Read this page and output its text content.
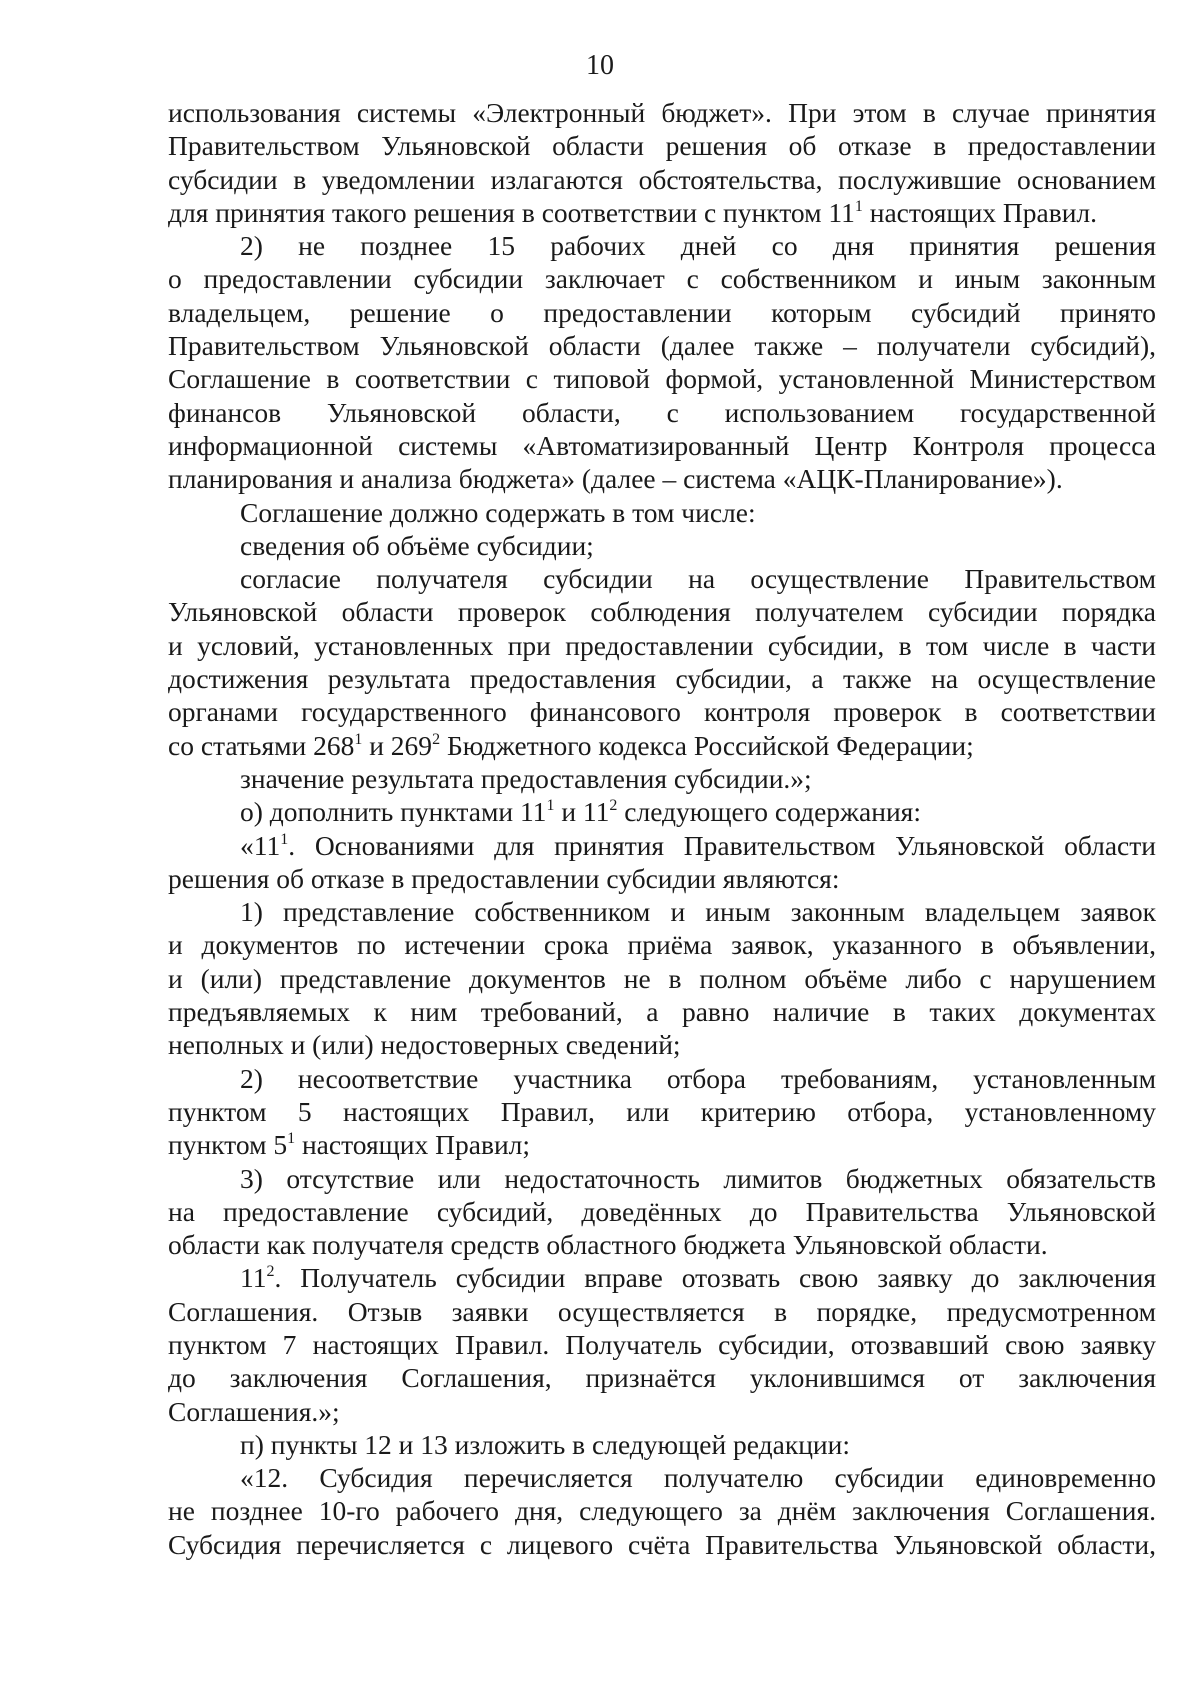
10
использования системы «Электронный бюджет». При этом в случае принятия
Правительством Ульяновской области решения об отказе в предоставлении
субсидии в уведомлении излагаются обстоятельства, послужившие основанием
для принятия такого решения в соответствии с пунктом $11^1$ настоящих Правил.
2) не позднее 15 рабочих дней со дня принятия решения
о предоставлении субсидии заключает с собственником и иным законным
владельцем, решение о предоставлении которым субсидий принято
Правительством Ульяновской области (далее также – получатели субсидий),
Соглашение в соответствии с типовой формой, установленной Министерством
финансов Ульяновской области, с использованием государственной
информационной системы «Автоматизированный Центр Контроля процесса
планирования и анализа бюджета» (далее – система «АЦК-Планирование»).
Соглашение должно содержать в том числе:
сведения об объёме субсидии;
согласие получателя субсидии на осуществление Правительством
Ульяновской области проверок соблюдения получателем субсидии порядка
и условий, установленных при предоставлении субсидии, в том числе в части
достижения результата предоставления субсидии, а также на осуществление
органами государственного финансового контроля проверок в соответствии
со статьями $268^1$ и $269^2$ Бюджетного кодекса Российской Федерации;
значение результата предоставления субсидии.»;
о) дополнить пунктами $11^1$ и $11^2$ следующего содержания:
«$11^1$. Основаниями для принятия Правительством Ульяновской области
решения об отказе в предоставлении субсидии являются:
1) представление собственником и иным законным владельцем заявок
и документов по истечении срока приёма заявок, указанного в объявлении,
и (или) представление документов не в полном объёме либо с нарушением
предъявляемых к ним требований, а равно наличие в таких документах
неполных и (или) недостоверных сведений;
2) несоответствие участника отбора требованиям, установленным
пунктом 5 настоящих Правил, или критерию отбора, установленному
пунктом $5^1$ настоящих Правил;
3) отсутствие или недостаточность лимитов бюджетных обязательств
на предоставление субсидий, доведённых до Правительства Ульяновской
области как получателя средств областного бюджета Ульяновской области.
$11^2$. Получатель субсидии вправе отозвать свою заявку до заключения
Соглашения. Отзыв заявки осуществляется в порядке, предусмотренном
пунктом 7 настоящих Правил. Получатель субсидии, отозвавший свою заявку
до заключения Соглашения, признаётся уклонившимся от заключения
Соглашения.»;
п) пункты 12 и 13 изложить в следующей редакции:
«12. Субсидия перечисляется получателю субсидии единовременно
не позднее 10-го рабочего дня, следующего за днём заключения Соглашения.
Субсидия перечисляется с лицевого счёта Правительства Ульяновской области,
